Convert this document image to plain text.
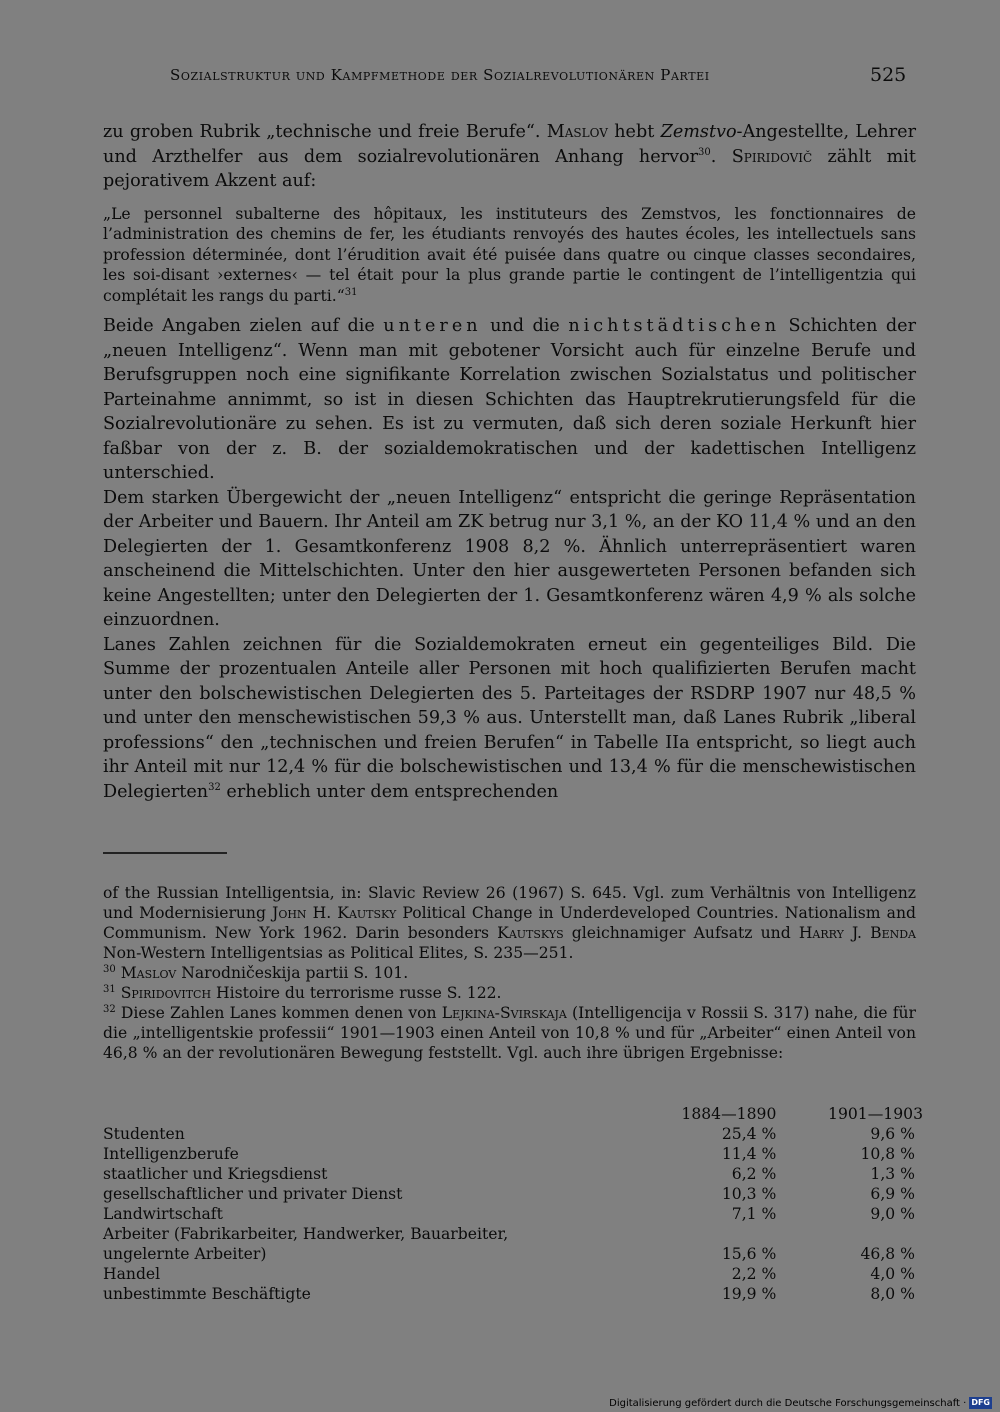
Sozialstruktur und Kampfmethode der Sozialrevolutionären Partei	525

zu groben Rubrik „technische und freie Berufe“. Maslov hebt Zemstvo-Angestellte, Lehrer und Arzthelfer aus dem sozialrevolutionären Anhang hervor$^{30}$. Spiridovič zählt mit pejorativem Akzent auf:

„Le personnel subalterne des hôpitaux, les instituteurs des Zemstvos, les fonctionnaires de l’administration des chemins de fer, les étudiants renvoyés des hautes écoles, les intellectuels sans profession déterminée, dont l’érudition avait été puisée dans quatre ou cinque classes secondaires, les soi-disant ›externes‹ — tel était pour la plus grande partie le contingent de l’intelligentzia qui complétait les rangs du parti.“$^{31}$

Beide Angaben zielen auf die unteren und die nichtstädtischen Schichten der „neuen Intelligenz“. Wenn man mit gebotener Vorsicht auch für einzelne Berufe und Berufsgruppen noch eine signifikante Korrelation zwischen Sozialstatus und politischer Parteinahme annimmt, so ist in diesen Schichten das Hauptrekrutierungsfeld für die Sozialrevolutionäre zu sehen. Es ist zu vermuten, daß sich deren soziale Herkunft hier faßbar von der z. B. der sozialdemokratischen und der kadettischen Intelligenz unterschied.

Dem starken Übergewicht der „neuen Intelligenz“ entspricht die geringe Repräsentation der Arbeiter und Bauern. Ihr Anteil am ZK betrug nur 3,1 %, an der KO 11,4 % und an den Delegierten der 1. Gesamtkonferenz 1908 8,2 %. Ähnlich unterrepräsentiert waren anscheinend die Mittelschichten. Unter den hier ausgewerteten Personen befanden sich keine Angestellten; unter den Delegierten der 1. Gesamtkonferenz wären 4,9 % als solche einzuordnen.

Lanes Zahlen zeichnen für die Sozialdemokraten erneut ein gegenteiliges Bild. Die Summe der prozentualen Anteile aller Personen mit hoch qualifizierten Berufen macht unter den bolschewistischen Delegierten des 5. Parteitages der RSDRP 1907 nur 48,5 % und unter den menschewistischen 59,3 % aus. Unterstellt man, daß Lanes Rubrik „liberal professions“ den „technischen und freien Berufen“ in Tabelle IIa entspricht, so liegt auch ihr Anteil mit nur 12,4 % für die bolschewistischen und 13,4 % für die menschewistischen Delegierten$^{32}$ erheblich unter dem entsprechenden

of the Russian Intelligentsia, in: Slavic Review 26 (1967) S. 645. Vgl. zum Verhältnis von Intelligenz und Modernisierung John H. Kautsky Political Change in Underdeveloped Countries. Nationalism and Communism. New York 1962. Darin besonders Kautskys gleichnamiger Aufsatz und Harry J. Benda Non-Western Intelligentsias as Political Elites, S. 235—251.

$^{30}$ Maslov Narodničeskija partii S. 101.

$^{31}$ Spiridovitch Histoire du terrorisme russe S. 122.

$^{32}$ Diese Zahlen Lanes kommen denen von Lejkina-Svirskaja (Intelligencija v Rossii S. 317) nahe, die für die „intelligentskie professii“ 1901—1903 einen Anteil von 10,8 % und für „Arbeiter“ einen Anteil von 46,8 % an der revolutionären Bewegung feststellt. Vgl. auch ihre übrigen Ergebnisse:

	1884—1890	1901—1903
Studenten	25,4 %	9,6 %
Intelligenzberufe	11,4 %	10,8 %
staatlicher und Kriegsdienst	6,2 %	1,3 %
gesellschaftlicher und privater Dienst	10,3 %	6,9 %
Landwirtschaft	7,1 %	9,0 %
Arbeiter (Fabrikarbeiter, Handwerker, Bauarbeiter,		
ungelernte Arbeiter)	15,6 %	46,8 %
Handel	2,2 %	4,0 %
unbestimmte Beschäftigte	19,9 %	8,0 %
Digitalisierung gefördert durch die Deutsche Forschungsgemeinschaft · DFG
